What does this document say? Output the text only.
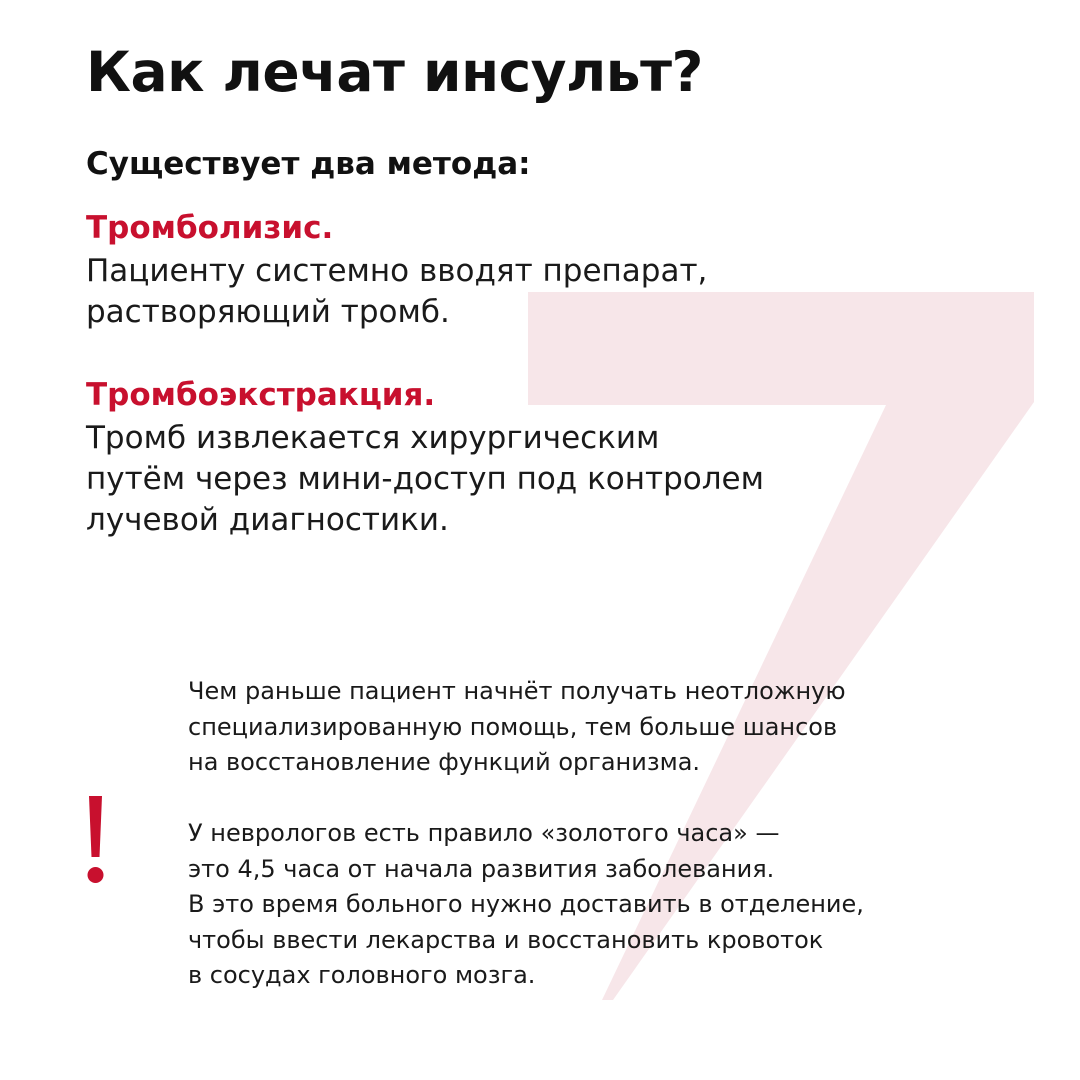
Как лечат инсульт?
Существует два метода:
Тромболизис.
Пациенту системно вводят препарат,
растворяющий тромб.
Тромбоэкстракция.
Тромб извлекается хирургическим
путём через мини-доступ под контролем
лучевой диагностики.
Чем раньше пациент начнёт получать неотложную
специализированную помощь, тем больше шансов
на восстановление функций организма.
У неврологов есть правило «золотого часа» —
это 4,5 часа от начала развития заболевания.
В это время больного нужно доставить в отделение,
чтобы ввести лекарства и восстановить кровоток
в сосудах головного мозга.
